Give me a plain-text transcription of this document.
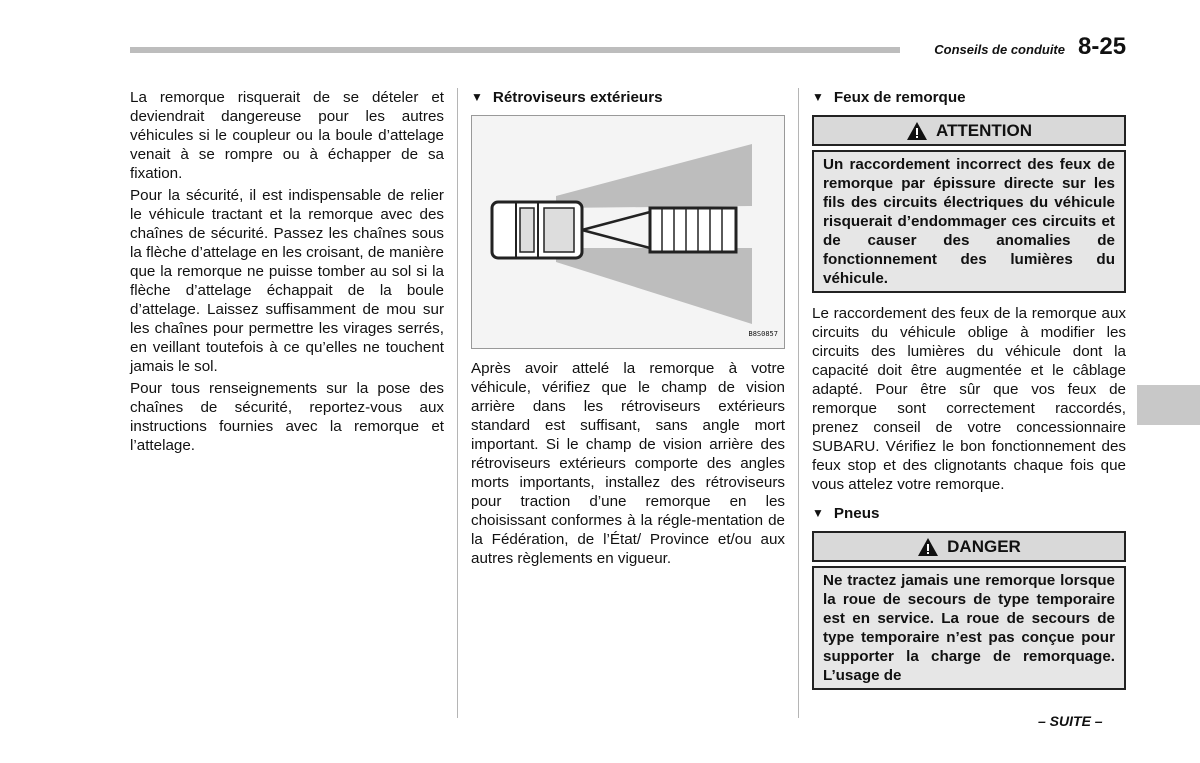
Conseils de conduite 8-25

La remorque risquerait de se dételer et deviendrait dangereuse pour les autres véhicules si le coupleur ou la boule d’attelage venait à se rompre ou à échapper de sa fixation.

Pour la sécurité, il est indispensable de relier le véhicule tractant et la remorque avec des chaînes de sécurité. Passez les chaînes sous la flèche d’attelage en les croisant, de manière que la remorque ne puisse tomber au sol si la flèche d’attelage échappait de la boule d’attelage. Laissez suffisamment de mou sur les chaînes pour permettre les virages serrés, en veillant toutefois à ce qu’elles ne touchent jamais le sol.

Pour tous renseignements sur la pose des chaînes de sécurité, reportez-vous aux instructions fournies avec la remorque et l’attelage.

▼ Rétroviseurs extérieurs
B8S0857

Après avoir attelé la remorque à votre véhicule, vérifiez que le champ de vision arrière dans les rétroviseurs extérieurs standard est suffisant, sans angle mort important. Si le champ de vision arrière des rétroviseurs extérieurs comporte des angles morts importants, installez des rétroviseurs pour traction d’une remorque en les choisissant conformes à la régle-mentation de la Fédération, de l’État/ Province et/ou aux autres règlements en vigueur.

▼ Feux de remorque
ATTENTION
Un raccordement incorrect des feux de remorque par épissure directe sur les fils des circuits électriques du véhicule risquerait d’endommager ces circuits et de causer des anomalies de fonctionnement des lumières du véhicule.

Le raccordement des feux de la remorque aux circuits du véhicule oblige à modifier les circuits des lumières du véhicule dont la capacité doit être augmentée et le câblage adapté. Pour être sûr que vos feux de remorque sont correctement raccordés, prenez conseil de votre concessionnaire SUBARU. Vérifiez le bon fonctionnement des feux stop et des clignotants chaque fois que vous attelez votre remorque.

▼ Pneus
DANGER
Ne tractez jamais une remorque lorsque la roue de secours de type temporaire est en service. La roue de secours de type temporaire n’est pas conçue pour supporter la charge de remorquage. L’usage de
– SUITE –
